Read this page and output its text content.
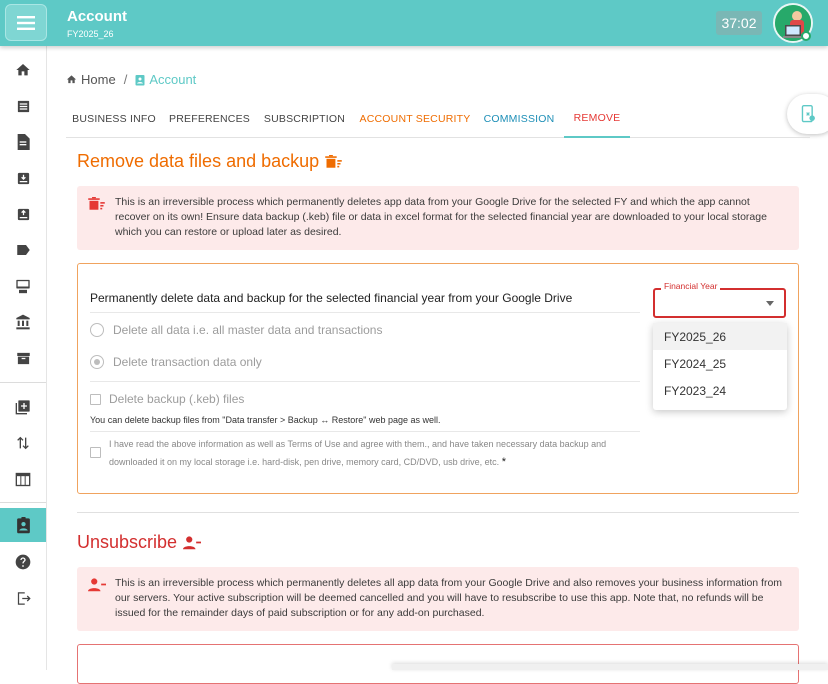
Account
FY2025_26
37:02
Home / Account
BUSINESS INFO	PREFERENCES	SUBSCRIPTION	ACCOUNT SECURITY	COMMISSION	REMOVE
Remove data files and backup
This is an irreversible process which permanently deletes app data from your Google Drive for the selected FY and which the app cannot recover on its own! Ensure data backup (.keb) file or data in excel format for the selected financial year are downloaded to your local storage which you can restore or upload later as desired.
Permanently delete data and backup for the selected financial year from your Google Drive
Delete all data i.e. all master data and transactions
Delete transaction data only
Delete backup (.keb) files
You can delete backup files from "Data transfer > Backup ↔ Restore" web page as well.
I have read the above information as well as Terms of Use and agree with them., and have taken necessary data backup and downloaded it on my local storage i.e. hard-disk, pen drive, memory card, CD/DVD, usb drive, etc. *
Financial Year
FY2025_26
FY2024_25
FY2023_24
Unsubscribe
This is an irreversible process which permanently deletes all app data from your Google Drive and also removes your business information from our servers. Your active subscription will be deemed cancelled and you will have to resubscribe to use this app. Note that, no refunds will be issued for the remainder days of paid subscription or for any add-on purchased.
